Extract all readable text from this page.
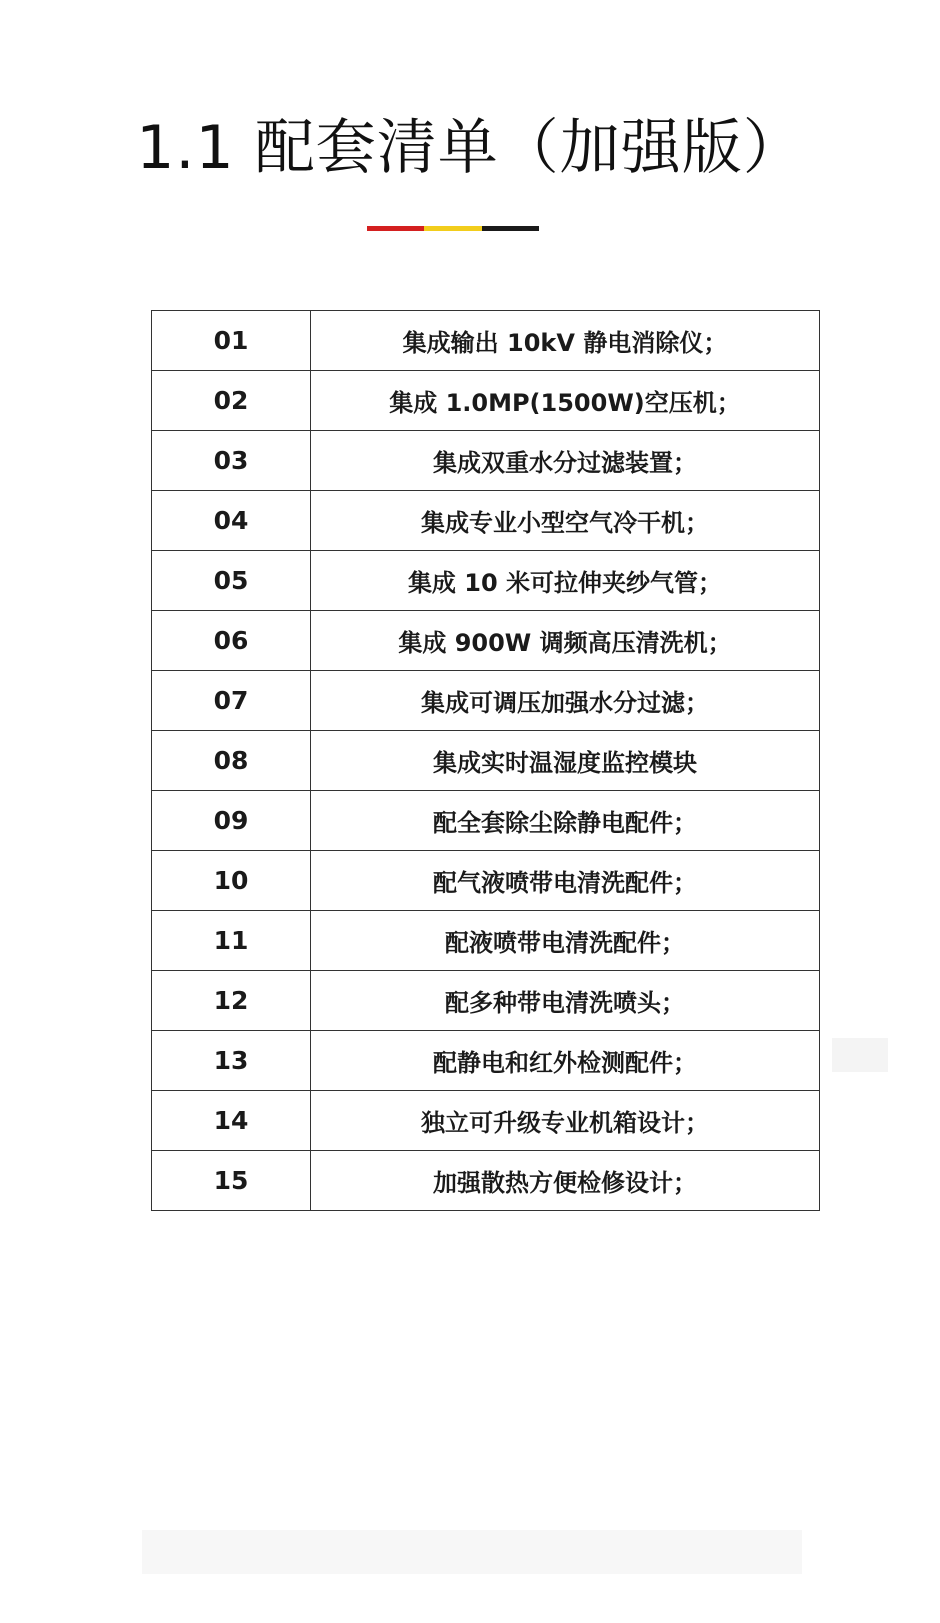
1.1 配套清单（加强版）
01	集成输出 10kV 静电消除仪；
02	集成 1.0MP(1500W)空压机；
03	集成双重水分过滤装置；
04	集成专业小型空气冷干机；
05	集成 10 米可拉伸夹纱气管；
06	集成 900W 调频高压清洗机；
07	集成可调压加强水分过滤；
08	集成实时温湿度监控模块
09	配全套除尘除静电配件；
10	配气液喷带电清洗配件；
11	配液喷带电清洗配件；
12	配多种带电清洗喷头；
13	配静电和红外检测配件；
14	独立可升级专业机箱设计；
15	加强散热方便检修设计；
